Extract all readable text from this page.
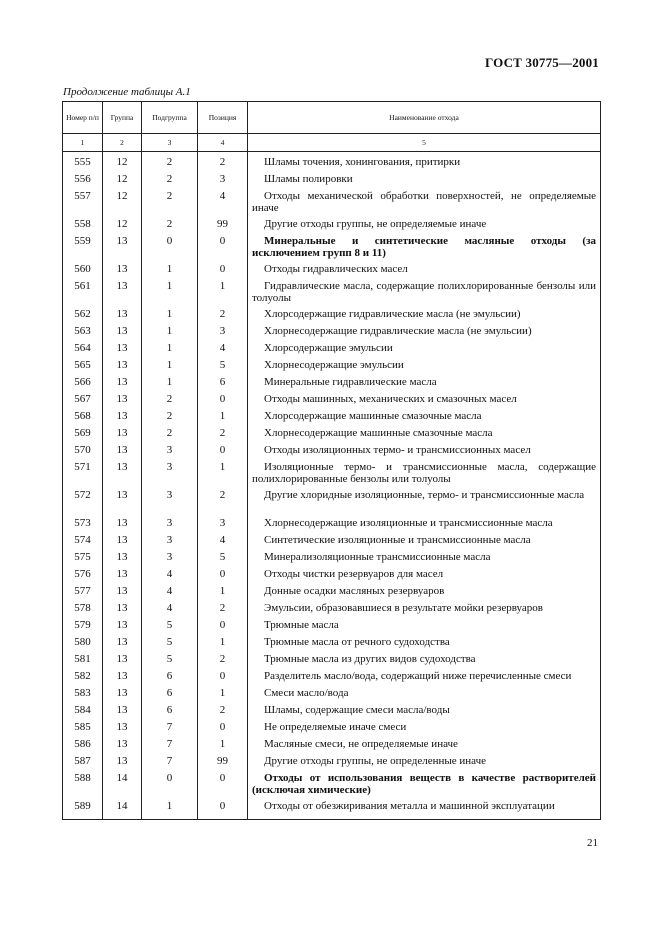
ГОСТ 30775—2001
Продолжение таблицы А.1
Номер п/п	Группа	Подгруппа	Позиция	Наименование отхода
1	2	3	4	5
555	12	2	2	Шламы точения, хонингования, притирки
556	12	2	3	Шламы полировки
557	12	2	4	Отходы механической обработки поверхностей, не определяемые иначе
558	12	2	99	Другие отходы группы, не определяемые иначе
559	13	0	0	Минеральные и синтетические масляные отходы (за исключением групп 8 и 11)
560	13	1	0	Отходы гидравлических масел
561	13	1	1	Гидравлические масла, содержащие полихлорированные бензолы или толуолы
562	13	1	2	Хлорсодержащие гидравлические масла (не эмульсии)
563	13	1	3	Хлорнесодержащие гидравлические масла (не эмульсии)
564	13	1	4	Хлорсодержащие эмульсии
565	13	1	5	Хлорнесодержащие эмульсии
566	13	1	6	Минеральные гидравлические масла
567	13	2	0	Отходы машинных, механических и смазочных масел
568	13	2	1	Хлорсодержащие машинные смазочные масла
569	13	2	2	Хлорнесодержащие машинные смазочные масла
570	13	3	0	Отходы изоляционных термо- и трансмиссионных масел
571	13	3	1	Изоляционные термо- и трансмиссионные масла, содержащие полихлорированные бензолы или толуолы
572	13	3	2	Другие хлоридные изоляционные, термо- и трансмиссионные масла
573	13	3	3	Хлорнесодержащие изоляционные и трансмиссионные масла
574	13	3	4	Синтетические изоляционные и трансмиссионные масла
575	13	3	5	Минерализоляционные трансмиссионные масла
576	13	4	0	Отходы чистки резервуаров для масел
577	13	4	1	Донные осадки масляных резервуаров
578	13	4	2	Эмульсии, образовавшиеся в результате мойки резервуаров
579	13	5	0	Трюмные масла
580	13	5	1	Трюмные масла от речного судоходства
581	13	5	2	Трюмные масла из других видов судоходства
582	13	6	0	Разделитель масло/вода, содержащий ниже перечисленные смеси
583	13	6	1	Смеси масло/вода
584	13	6	2	Шламы, содержащие смеси масла/воды
585	13	7	0	Не определяемые иначе смеси
586	13	7	1	Масляные смеси, не определяемые иначе
587	13	7	99	Другие отходы группы, не определенные иначе
588	14	0	0	Отходы от использования веществ в качестве растворителей (исключая химические)
589	14	1	0	Отходы от обезжиривания металла и машинной эксплуатации
21
